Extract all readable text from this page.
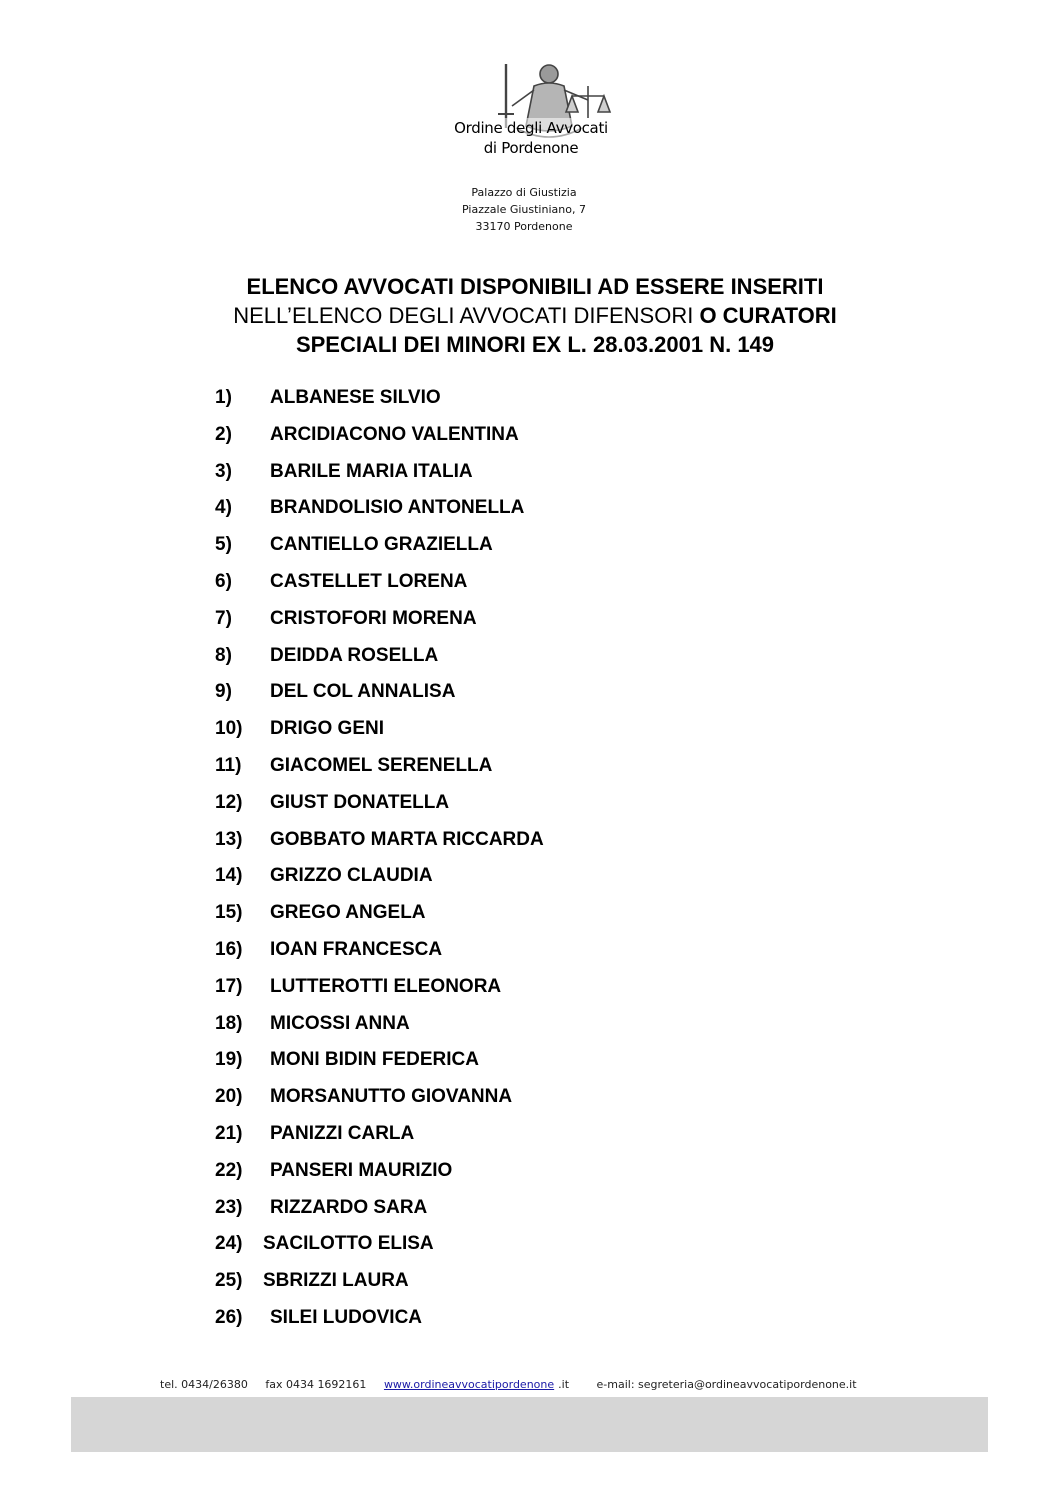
Ordine degli Avvocati
di Pordenone
Palazzo di Giustizia
Piazzale Giustiniano, 7
33170 Pordenone
ELENCO AVVOCATI DISPONIBILI AD ESSERE INSERITI
NELL’ELENCO DEGLI AVVOCATI DIFENSORI O CURATORI
SPECIALI DEI MINORI EX L. 28.03.2001 N. 149
1)	ALBANESE SILVIO
2)	ARCIDIACONO VALENTINA
3)	BARILE MARIA ITALIA
4)	BRANDOLISIO ANTONELLA
5)	CANTIELLO GRAZIELLA
6)	CASTELLET LORENA
7)	CRISTOFORI MORENA
8)	DEIDDA ROSELLA
9)	DEL COL ANNALISA
10)	DRIGO GENI
11)	GIACOMEL SERENELLA
12)	GIUST DONATELLA
13)	GOBBATO MARTA RICCARDA
14)	GRIZZO CLAUDIA
15)	GREGO ANGELA
16)	IOAN FRANCESCA
17)	LUTTEROTTI ELEONORA
18)	MICOSSI ANNA
19)	MONI BIDIN FEDERICA
20)	MORSANUTTO GIOVANNA
21)	PANIZZI CARLA
22)	PANSERI MAURIZIO
23)	RIZZARDO SARA
24)	SACILOTTO ELISA
25)	SBRIZZI LAURA
26)	SILEI LUDOVICA
tel. 0434/26380 fax 0434 1692161 www.ordineavvocatipordenone .it	e-mail: segreteria@ordineavvocatipordenone.it
